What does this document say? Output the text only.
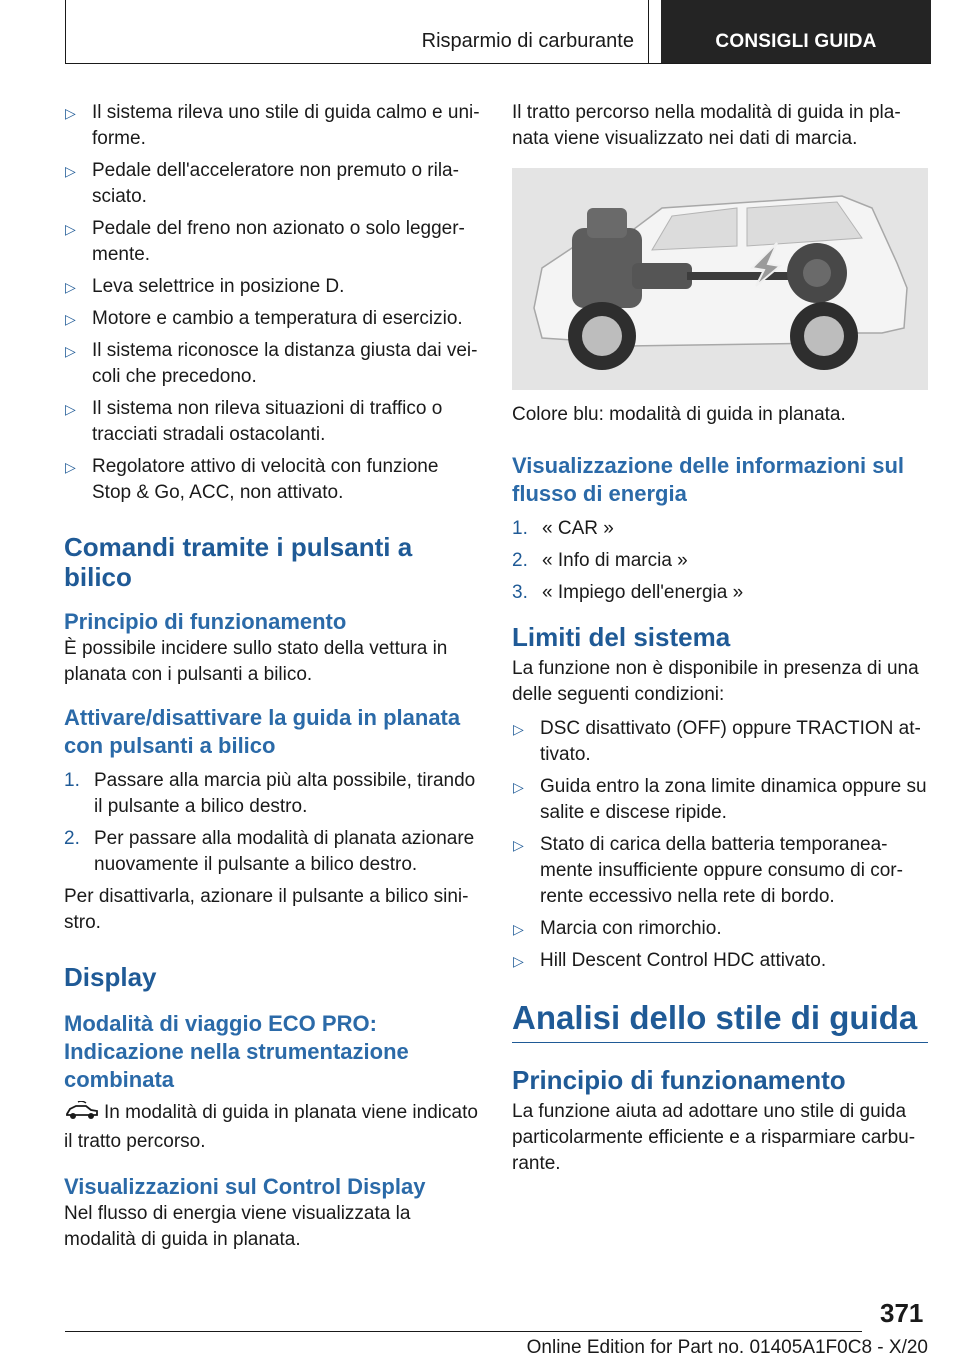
Risparmio di carburante	CONSIGLI GUIDA
▷ Il sistema rileva uno stile di guida calmo e uni-forme.
▷ Pedale dell'acceleratore non premuto o rila-sciato.
▷ Pedale del freno non azionato o solo legger-mente.
▷ Leva selettrice in posizione D.
▷ Motore e cambio a temperatura di esercizio.
▷ Il sistema riconosce la distanza giusta dai vei-coli che precedono.
▷ Il sistema non rileva situazioni di traffico o tracciati stradali ostacolanti.
▷ Regolatore attivo di velocità con funzione Stop & Go, ACC, non attivato.
Comandi tramite i pulsanti a bilico
Principio di funzionamento

È possibile incidere sullo stato della vettura in planata con i pulsanti a bilico.

Attivare/disattivare la guida in planata con pulsanti a bilico
1. Passare alla marcia più alta possibile, tirando il pulsante a bilico destro.
2. Per passare alla modalità di planata azionare nuovamente il pulsante a bilico destro.

Per disattivarla, azionare il pulsante a bilico sini-stro.

Display
Modalità di viaggio ECO PRO: Indicazione nella strumentazione combinata

In modalità di guida in planata viene indicato il tratto percorso.

Visualizzazioni sul Control Display

Nel flusso di energia viene visualizzata la modalità di guida in planata.

Il tratto percorso nella modalità di guida in pla-nata viene visualizzato nei dati di marcia.

Colore blu: modalità di guida in planata.

Visualizzazione delle informazioni sul flusso di energia
1. « CAR »
2. « Info di marcia »
3. « Impiego dell'energia »
Limiti del sistema

La funzione non è disponibile in presenza di una delle seguenti condizioni:

▷ DSC disattivato (OFF) oppure TRACTION at-tivato.
▷ Guida entro la zona limite dinamica oppure su salite e discese ripide.
▷ Stato di carica della batteria temporanea-mente insufficiente oppure consumo di cor-rente eccessivo nella rete di bordo.
▷ Marcia con rimorchio.
▷ Hill Descent Control HDC attivato.
Analisi dello stile di guida
Principio di funzionamento

La funzione aiuta ad adottare uno stile di guida particolarmente efficiente e a risparmiare carbu-rante.

371
Online Edition for Part no. 01405A1F0C8 - X/20
